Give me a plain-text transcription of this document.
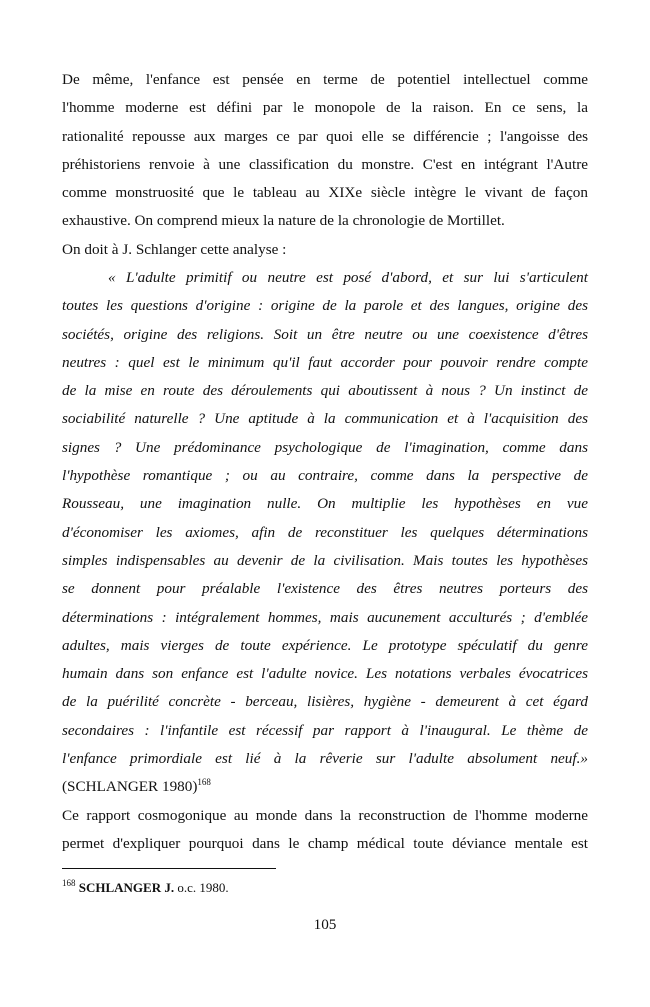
De même, l'enfance est pensée en terme de potentiel intellectuel comme
l'homme moderne est défini par le monopole de la raison. En ce sens, la
rationalité repousse aux marges ce par quoi elle se différencie ; l'angoisse des
préhistoriens renvoie à une classification du monstre. C'est en intégrant l'Autre
comme monstruosité que le tableau au XIXe siècle intègre le vivant de façon
exhaustive. On comprend mieux la nature de la chronologie de Mortillet.
On doit à J. Schlanger cette analyse :
« L'adulte primitif ou neutre est posé d'abord, et sur lui s'articulent
toutes les questions d'origine : origine de la parole et des langues, origine des
sociétés, origine des religions. Soit un être neutre ou une coexistence d'êtres
neutres : quel est le minimum qu'il faut accorder pour pouvoir rendre compte
de la mise en route des déroulements qui aboutissent à nous ? Un instinct de
sociabilité naturelle ? Une aptitude à la communication et à l'acquisition des
signes ? Une prédominance psychologique de l'imagination, comme dans
l'hypothèse romantique ; ou au contraire, comme dans la perspective de
Rousseau, une imagination nulle. On multiplie les hypothèses en vue
d'économiser les axiomes, afin de reconstituer les quelques déterminations
simples indispensables au devenir de la civilisation. Mais toutes les hypothèses
se donnent pour préalable l'existence des êtres neutres porteurs des
déterminations : intégralement hommes, mais aucunement acculturés ; d'emblée
adultes, mais vierges de toute expérience. Le prototype spéculatif du genre
humain dans son enfance est l'adulte novice. Les notations verbales évocatrices
de la puérilité concrète - berceau, lisières, hygiène - demeurent à cet égard
secondaires : l'infantile est récessif par rapport à l'inaugural. Le thème de
l'enfance primordiale est lié à la rêverie sur l'adulte absolument neuf.»
(SCHLANGER 1980)$^{168}$
Ce rapport cosmogonique au monde dans la reconstruction de l'homme moderne
permet d'expliquer pourquoi dans le champ médical toute déviance mentale est
$^{168}$ SCHLANGER J. o.c. 1980.
105
